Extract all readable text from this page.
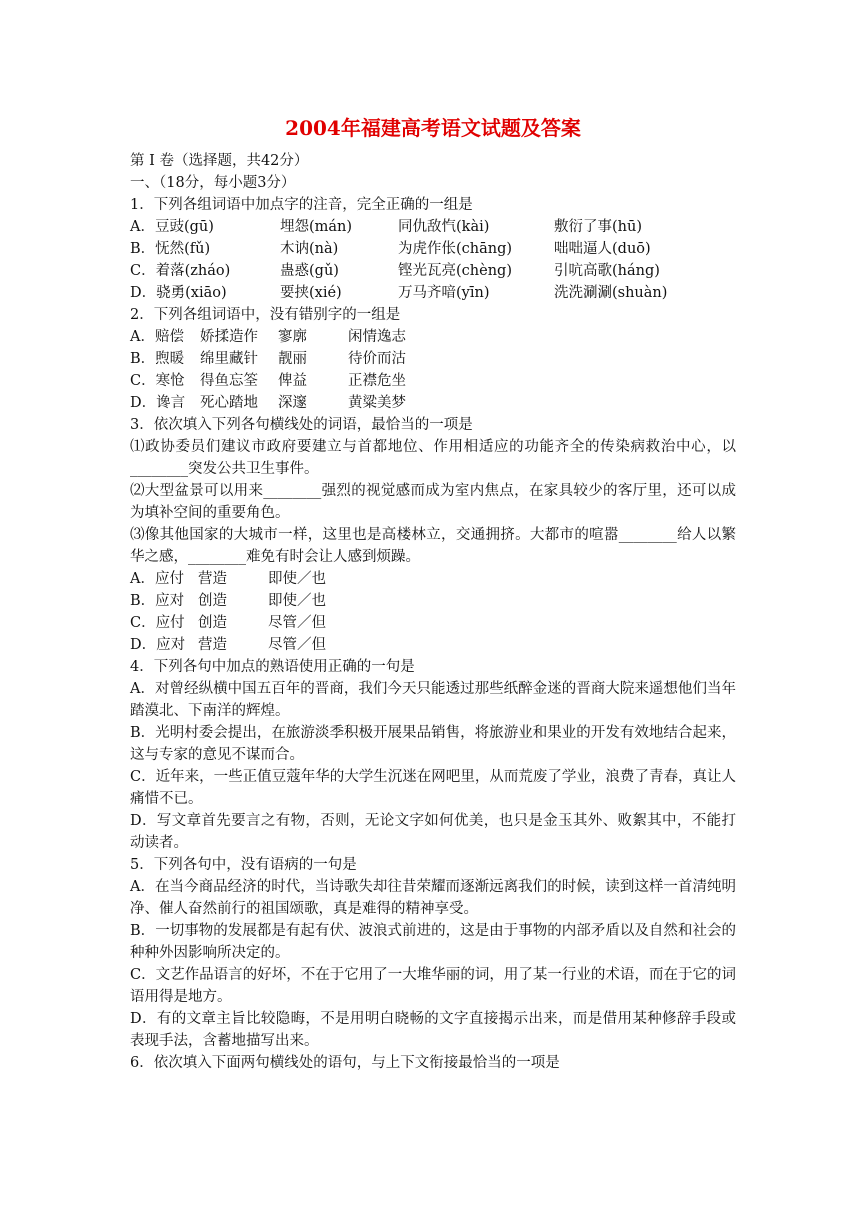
2004年福建高考语文试题及答案
第 I 卷（选择题，共42分）
一、（18分，每小题3分）
1．下列各组词语中加点字的注音，完全正确的一组是
A．豆豉(gū)	埋怨(mán)	同仇敌忾(kài)	敷衍了事(hū)
B．怃然(fǔ)	木讷(nà)	为虎作伥(chāng)	咄咄逼人(duō)
C．着落(zháo)	蛊惑(gǔ)	铿光瓦亮(chèng)	引吭高歌(háng)
D．骁勇(xiāo)	要挟(xié)	万马齐喑(yīn)	洗洗涮涮(shuàn)
2．下列各组词语中，没有错别字的一组是
A．赔偿	娇揉造作	寥廓	闲情逸志
B．煦暖	绵里藏针	靓丽	待价而沽
C．寒怆	得鱼忘筌	俾益	正襟危坐
D．谗言	死心踏地	深邃	黄粱美梦
3．依次填入下列各句横线处的词语，最恰当的一项是
⑴政协委员们建议市政府要建立与首都地位、作用相适应的功能齐全的传染病救治中心，以________突发公共卫生事件。
⑵大型盆景可以用来________强烈的视觉感而成为室内焦点，在家具较少的客厅里，还可以成为填补空间的重要角色。
⑶像其他国家的大城市一样，这里也是高楼林立，交通拥挤。大都市的喧嚣________给人以繁华之感，________难免有时会让人感到烦躁。
A．应付 营造	即使／也
B．应对 创造	即使／也
C．应付 创造	尽管／但
D．应对 营造	尽管／但
4．下列各句中加点的熟语使用正确的一句是
A．对曾经纵横中国五百年的晋商，我们今天只能透过那些纸醉金迷的晋商大院来遥想他们当年踏漠北、下南洋的辉煌。
B．光明村委会提出，在旅游淡季积极开展果品销售，将旅游业和果业的开发有效地结合起来，这与专家的意见不谋而合。
C．近年来，一些正值豆蔻年华的大学生沉迷在网吧里，从而荒废了学业，浪费了青春，真让人痛惜不已。
D．写文章首先要言之有物，否则，无论文字如何优美，也只是金玉其外、败絮其中，不能打动读者。
5．下列各句中，没有语病的一句是
A．在当今商品经济的时代，当诗歌失却往昔荣耀而逐渐远离我们的时候，读到这样一首清纯明净、催人奋然前行的祖国颂歌，真是难得的精神享受。
B．一切事物的发展都是有起有伏、波浪式前进的，这是由于事物的内部矛盾以及自然和社会的种种外因影响所决定的。
C．文艺作品语言的好坏，不在于它用了一大堆华丽的词，用了某一行业的术语，而在于它的词语用得是地方。
D．有的文章主旨比较隐晦，不是用明白晓畅的文字直接揭示出来，而是借用某种修辞手段或表现手法，含蓄地描写出来。
6．依次填入下面两句横线处的语句，与上下文衔接最恰当的一项是
